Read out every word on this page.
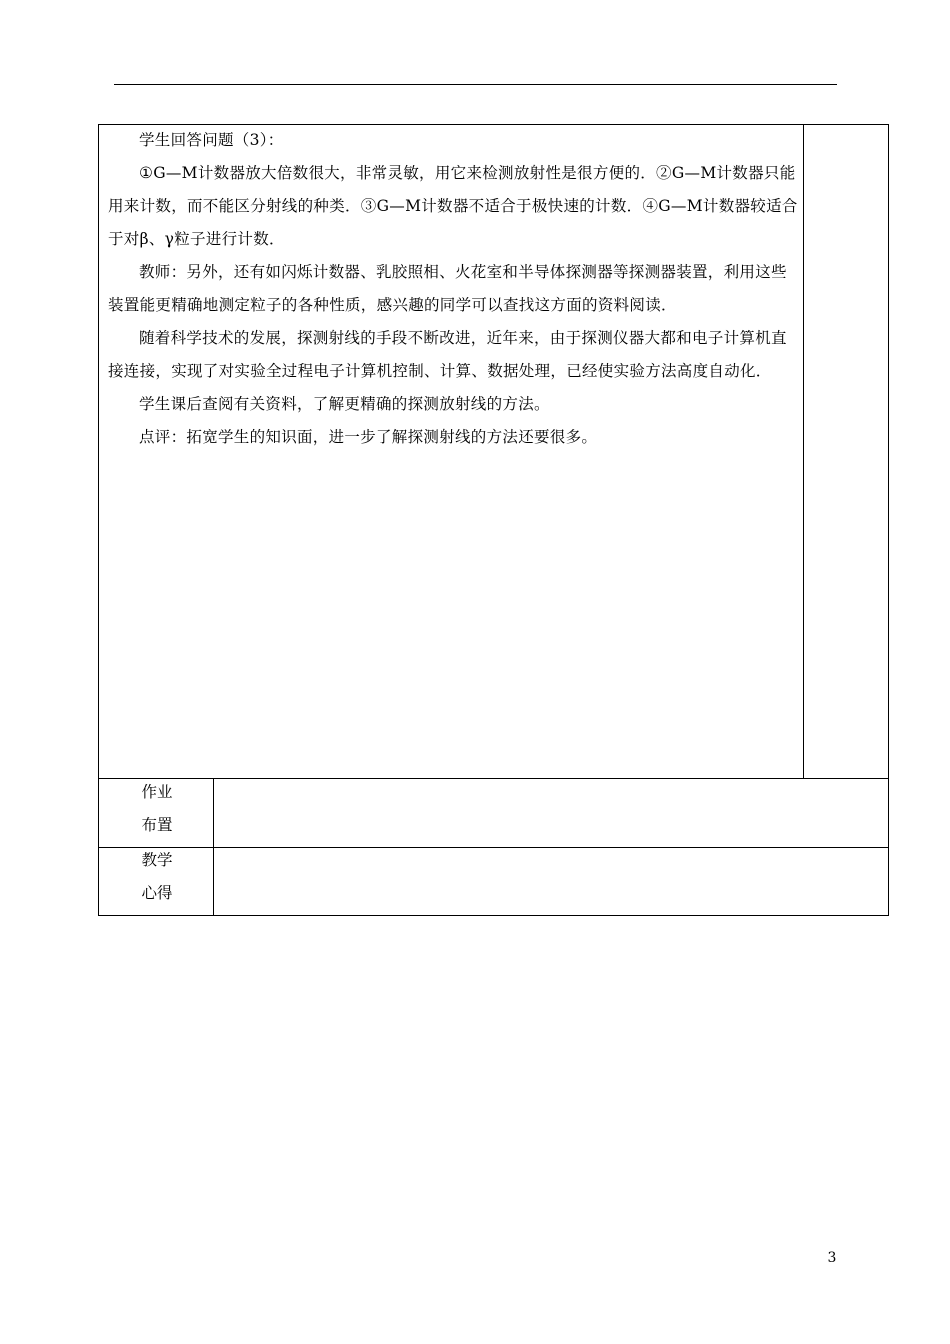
学生回答问题（3）：

①G—M计数器放大倍数很大，非常灵敏，用它来检测放射性是很方便的．②G—M计数器只能用来计数，而不能区分射线的种类．③G—M计数器不适合于极快速的计数．④G—M计数器较适合于对β、γ粒子进行计数．

教师：另外，还有如闪烁计数器、乳胶照相、火花室和半导体探测器等探测器装置，利用这些装置能更精确地测定粒子的各种性质，感兴趣的同学可以查找这方面的资料阅读．

随着科学技术的发展，探测射线的手段不断改进，近年来，由于探测仪器大都和电子计算机直接连接，实现了对实验全过程电子计算机控制、计算、数据处理，已经使实验方法高度自动化．

学生课后查阅有关资料，了解更精确的探测放射线的方法。

点评：拓宽学生的知识面，进一步了解探测射线的方法还要很多。

作业
布置
教学
心得
3
